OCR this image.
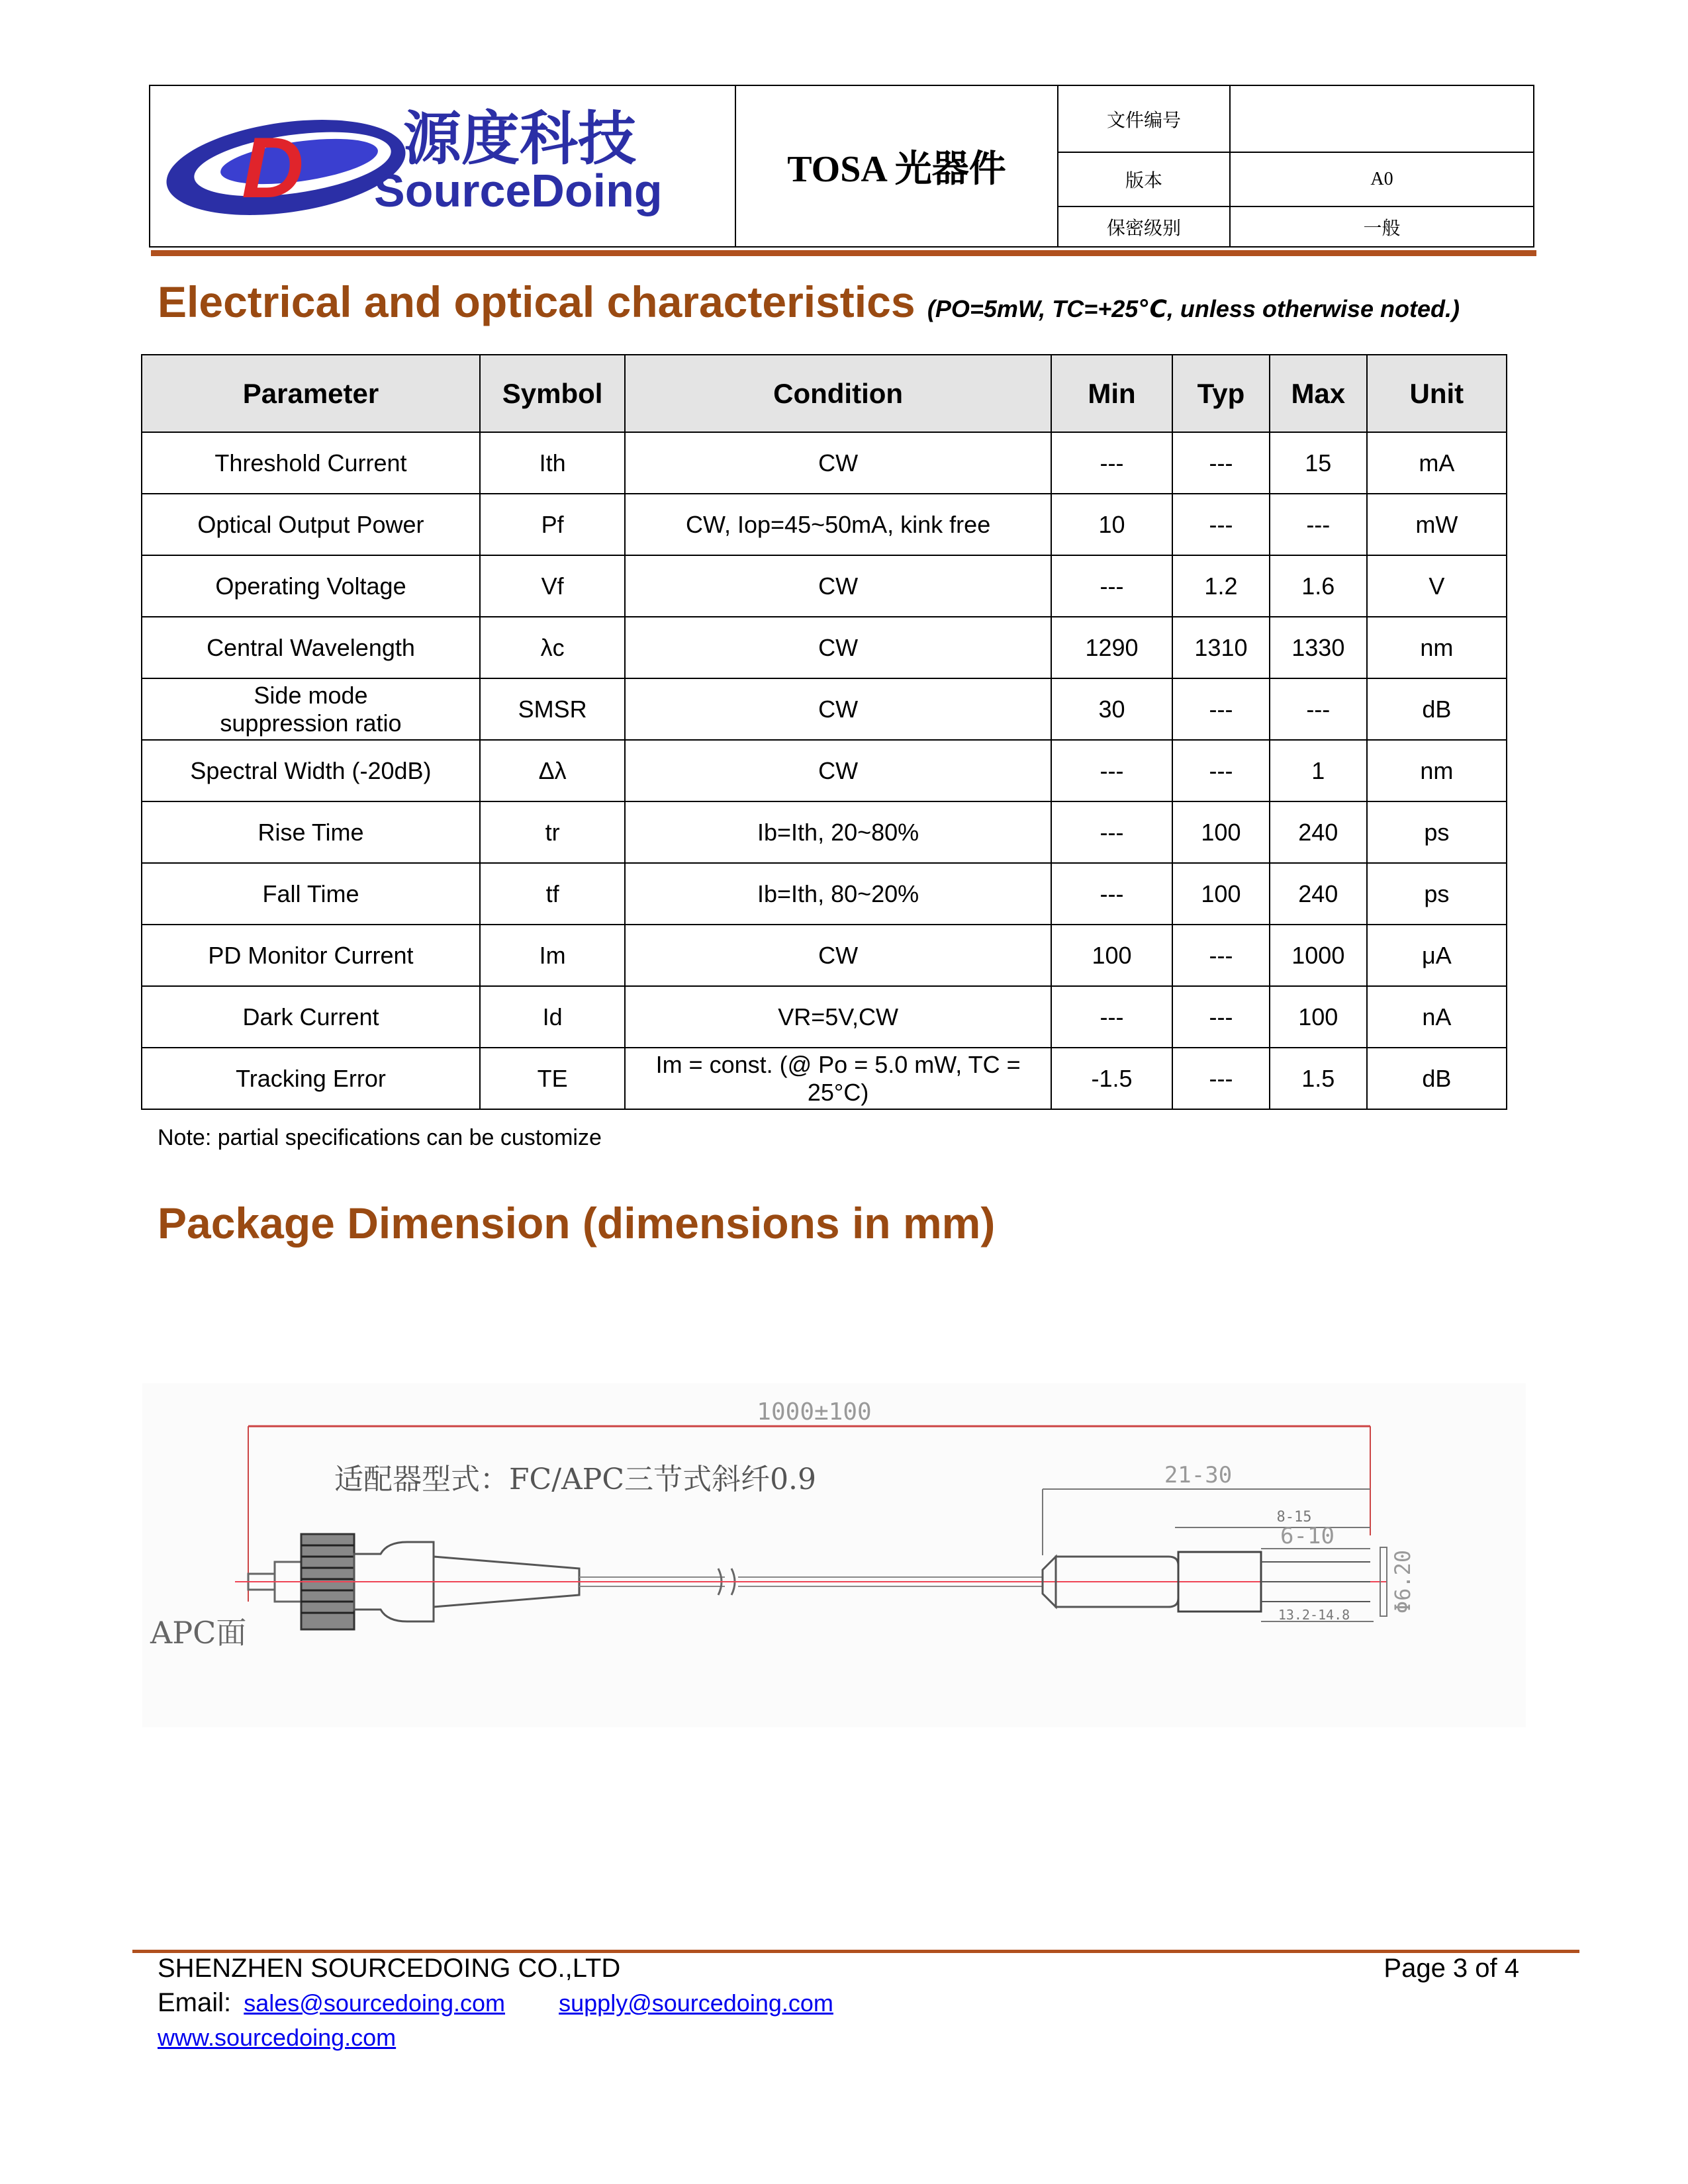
D 源度科技
SourceDoing	TOSA 光器件
文件编号
版本	A0
保密级别	一般
Electrical and optical characteristics (PO=5mW, TC=+25℃, unless otherwise noted.)
Parameter	Symbol	Condition	Min	Typ	Max	Unit
Threshold Current	Ith	CW	---	---	15	mA
Optical Output Power	Pf	CW, Iop=45~50mA, kink free	10	---	---	mW
Operating Voltage	Vf	CW	---	1.2	1.6	V
Central Wavelength	λc	CW	1290	1310	1330	nm
Side mode suppression ratio	SMSR	CW	30	---	---	dB
Spectral Width (-20dB)	Δλ	CW	---	---	1	nm
Rise Time	tr	Ib=Ith, 20~80%	---	100	240	ps
Fall Time	tf	Ib=Ith, 80~20%	---	100	240	ps
PD Monitor Current	Im	CW	100	---	1000	μA
Dark Current	Id	VR=5V,CW	---	---	100	nA
Tracking Error	TE	Im = const. (@ Po = 5.0 mW, TC = 25°C)	-1.5	---	1.5	dB
Note: partial specifications can be customize
Package Dimension (dimensions in mm)
1000±100
适配器型式：FC/APC三节式斜纤0.9
APC面
21-30
8-15
6-10
Φ6.20
13.2-14.8
SHENZHEN SOURCEDOING CO.,LTD	Page 3 of 4
Email: sales@sourcedoing.com supply@sourcedoing.com
www.sourcedoing.com
